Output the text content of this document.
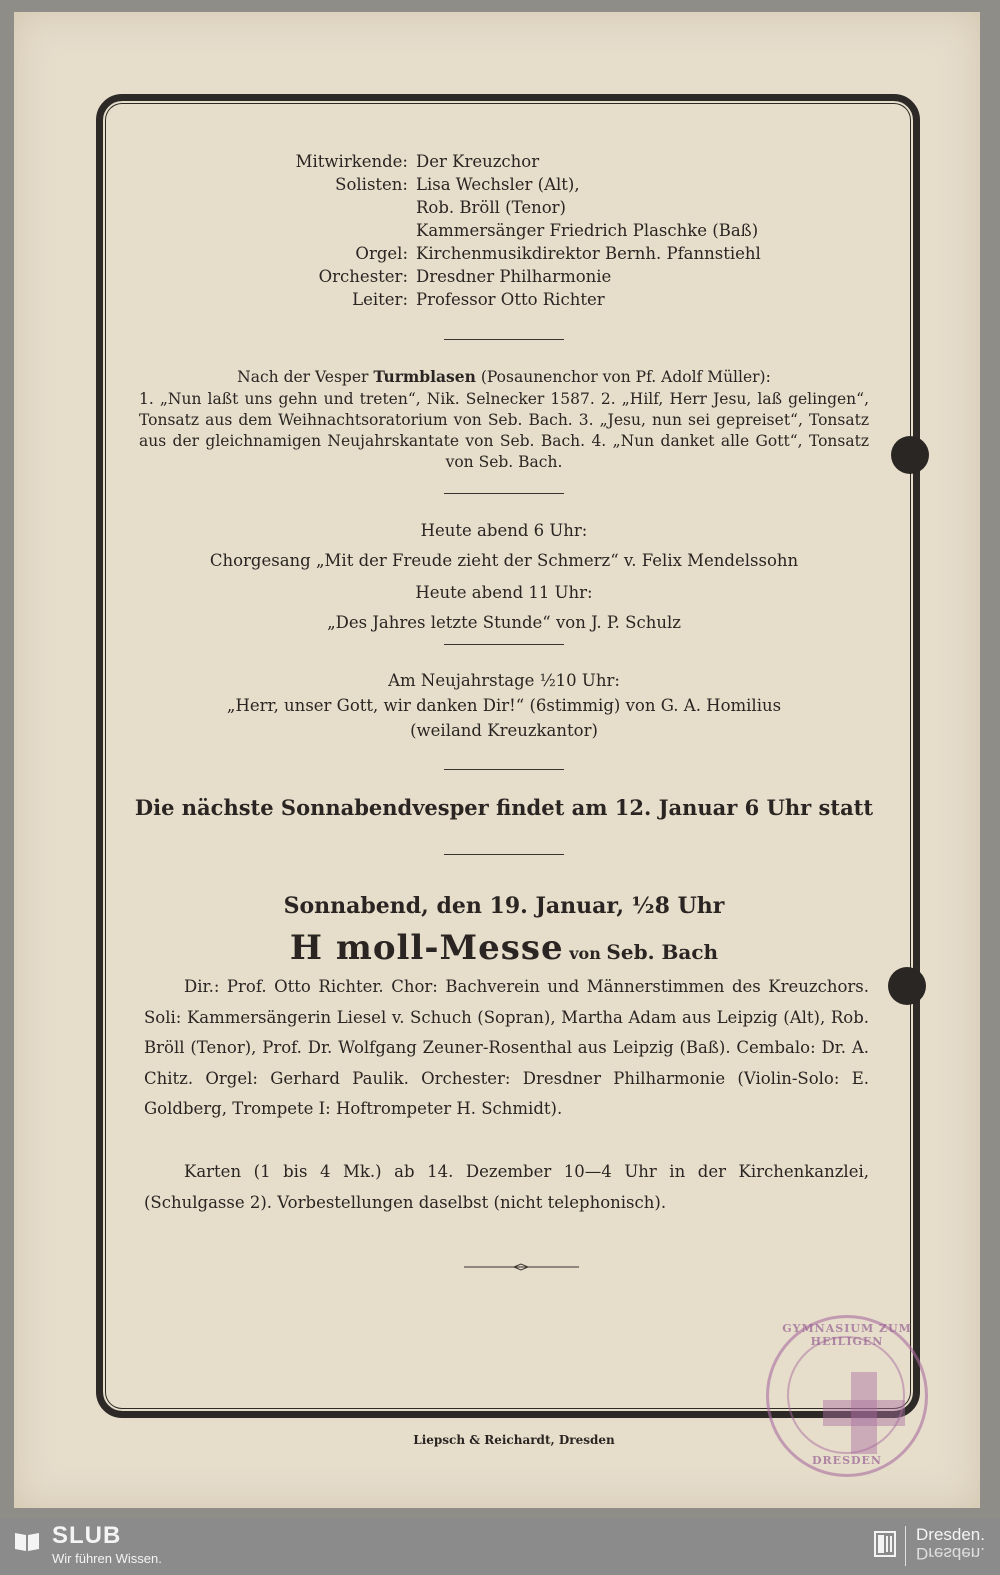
Mitwirkende: Der Kreuzchor
Solisten: Lisa Wechsler (Alt),
Rob. Bröll (Tenor)
Kammersänger Friedrich Plaschke (Baß)
Orgel: Kirchenmusikdirektor Bernh. Pfannstiehl
Orchester: Dresdner Philharmonie
Leiter: Professor Otto Richter
Nach der Vesper Turmblasen (Posaunenchor von Pf. Adolf Müller):
1. „Nun laßt uns gehn und treten“, Nik. Selnecker 1587. 2. „Hilf, Herr Jesu, laß gelingen“, Tonsatz aus dem Weihnachtsoratorium von Seb. Bach. 3. „Jesu, nun sei gepreiset“, Tonsatz aus der gleichnamigen Neujahrskantate von Seb. Bach. 4. „Nun danket alle Gott“, Tonsatz von Seb. Bach.
Heute abend 6 Uhr:
Chorgesang „Mit der Freude zieht der Schmerz“ v. Felix Mendelssohn
Heute abend 11 Uhr:
„Des Jahres letzte Stunde“ von J. P. Schulz
Am Neujahrstage ½10 Uhr:
„Herr, unser Gott, wir danken Dir!“ (6stimmig) von G. A. Homilius
(weiland Kreuzkantor)
Die nächste Sonnabendvesper findet am 12. Januar 6 Uhr statt
Sonnabend, den 19. Januar, ½8 Uhr
H moll-Messe von Seb. Bach
Dir.: Prof. Otto Richter. Chor: Bachverein und Männerstimmen des Kreuzchors. Soli: Kammersängerin Liesel v. Schuch (Sopran), Martha Adam aus Leipzig (Alt), Rob. Bröll (Tenor), Prof. Dr. Wolfgang Zeuner-Rosenthal aus Leipzig (Baß). Cembalo: Dr. A. Chitz. Orgel: Gerhard Paulik. Orchester: Dresdner Philharmonie (Violin-Solo: E. Goldberg, Trompete I: Hoftrompeter H. Schmidt).
Karten (1 bis 4 Mk.) ab 14. Dezember 10—4 Uhr in der Kirchenkanzlei, (Schulgasse 2). Vorbestellungen daselbst (nicht telephonisch).
GYMNASIUM ZUM HEILIGEN
DRESDEN
Liepsch & Reichardt, Dresden
SLUB
Wir führen Wissen.
Dresden.
Dresden.
